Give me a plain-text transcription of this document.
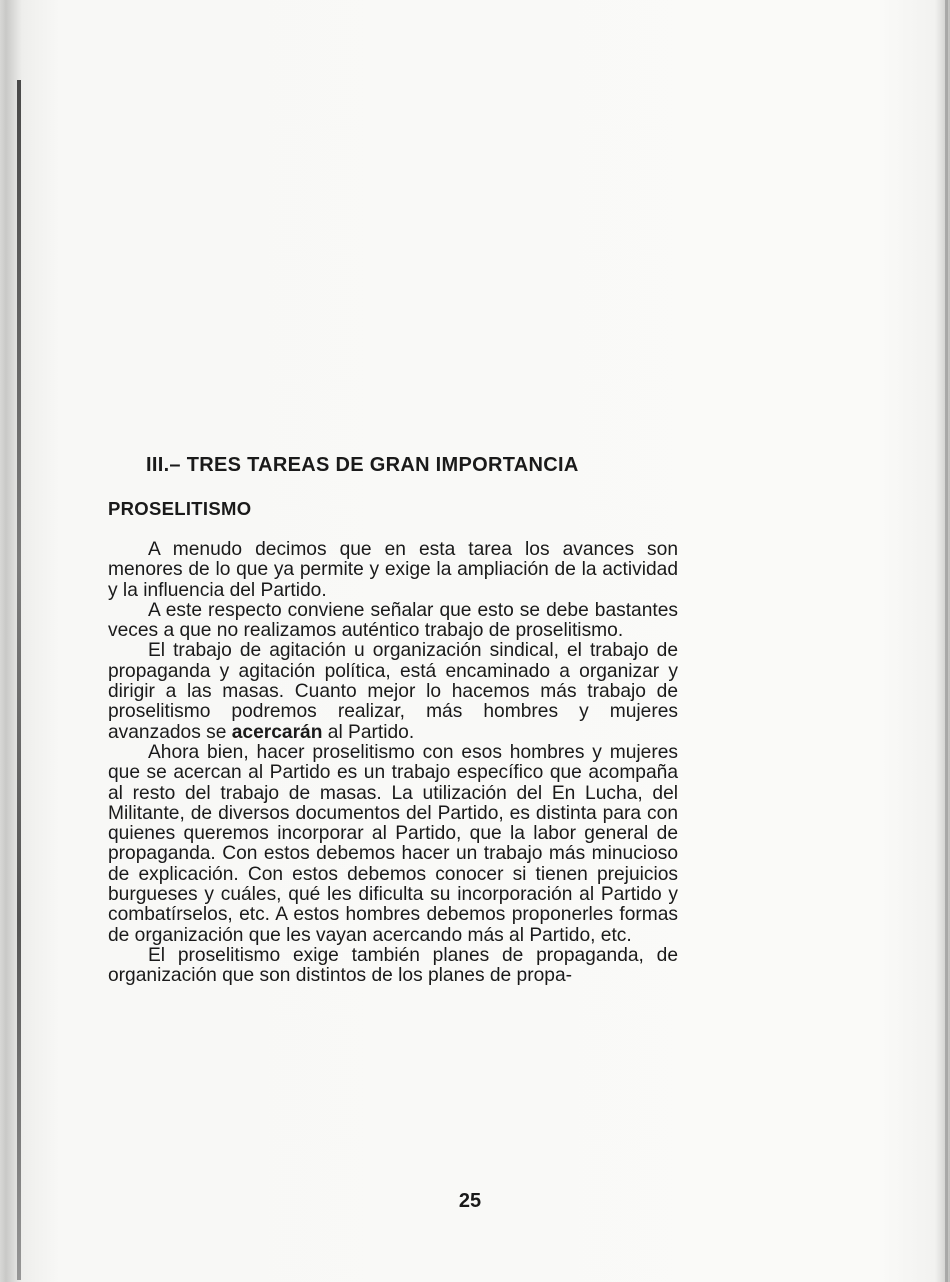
III.– TRES TAREAS DE GRAN IMPORTANCIA
PROSELITISMO

A menudo decimos que en esta tarea los avances son menores de lo que ya permite y exige la ampliación de la actividad y la influencia del Partido.

A este respecto conviene señalar que esto se debe bastantes veces a que no realizamos auténtico trabajo de proselitismo.

El trabajo de agitación u organización sindical, el trabajo de propaganda y agitación política, está encaminado a organizar y dirigir a las masas. Cuanto mejor lo hacemos más trabajo de proselitismo podremos realizar, más hombres y mujeres avanzados se acercarán al Partido.

Ahora bien, hacer proselitismo con esos hombres y mujeres que se acercan al Partido es un trabajo específico que acompaña al resto del trabajo de masas. La utilización del En Lucha, del Militante, de diversos documentos del Partido, es distinta para con quienes queremos incorporar al Partido, que la labor general de propaganda. Con estos debemos hacer un trabajo más minucioso de explicación. Con estos debemos conocer si tienen prejuicios burgueses y cuáles, qué les dificulta su incorporación al Partido y combatírselos, etc. A estos hombres debemos proponerles formas de organización que les vayan acercando más al Partido, etc.

El proselitismo exige también planes de propaganda, de organización que son distintos de los planes de propa-

25
